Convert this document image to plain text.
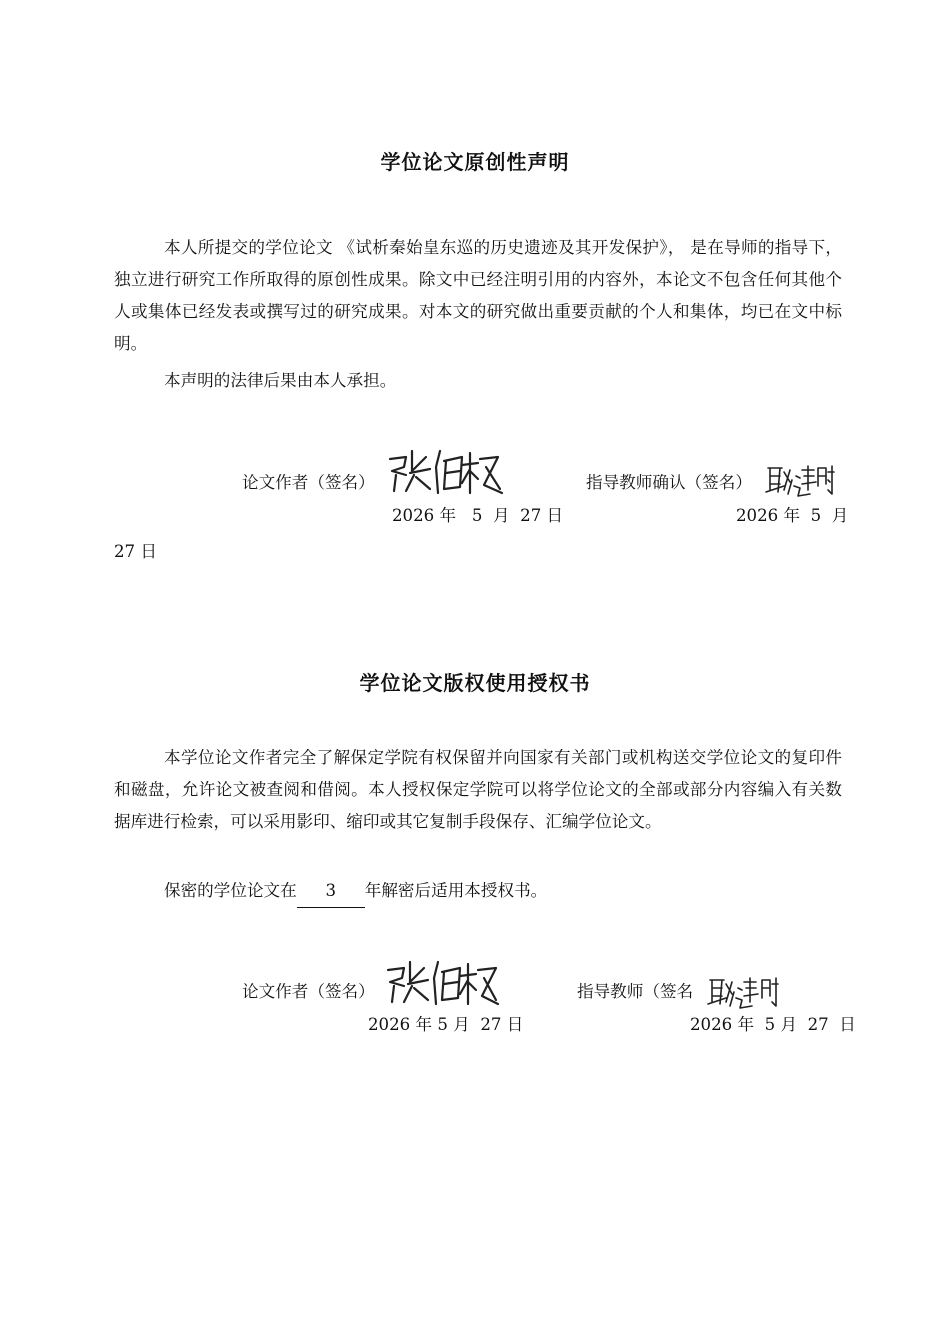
学位论文原创性声明
本人所提交的学位论文 《试析秦始皇东巡的历史遗迹及其开发保护》， 是在导师的指导下，独立进行研究工作所取得的原创性成果。除文中已经注明引用的内容外，本论文不包含任何其他个人或集体已经发表或撰写过的研究成果。对本文的研究做出重要贡献的个人和集体，均已在文中标明。
本声明的法律后果由本人承担。
论文作者（签名）	指导教师确认（签名）
2026 年   5  月  27 日	2026 年  5  月
27 日
学位论文版权使用授权书
本学位论文作者完全了解保定学院有权保留并向国家有关部门或机构送交学位论文的复印件和磁盘，允许论文被查阅和借阅。本人授权保定学院可以将学位论文的全部或部分内容编入有关数据库进行检索，可以采用影印、缩印或其它复制手段保存、汇编学位论文。
保密的学位论文在 3 年解密后适用本授权书。
论文作者（签名）	指导教师（签名
2026 年 5 月  27 日	2026 年  5 月  27  日
